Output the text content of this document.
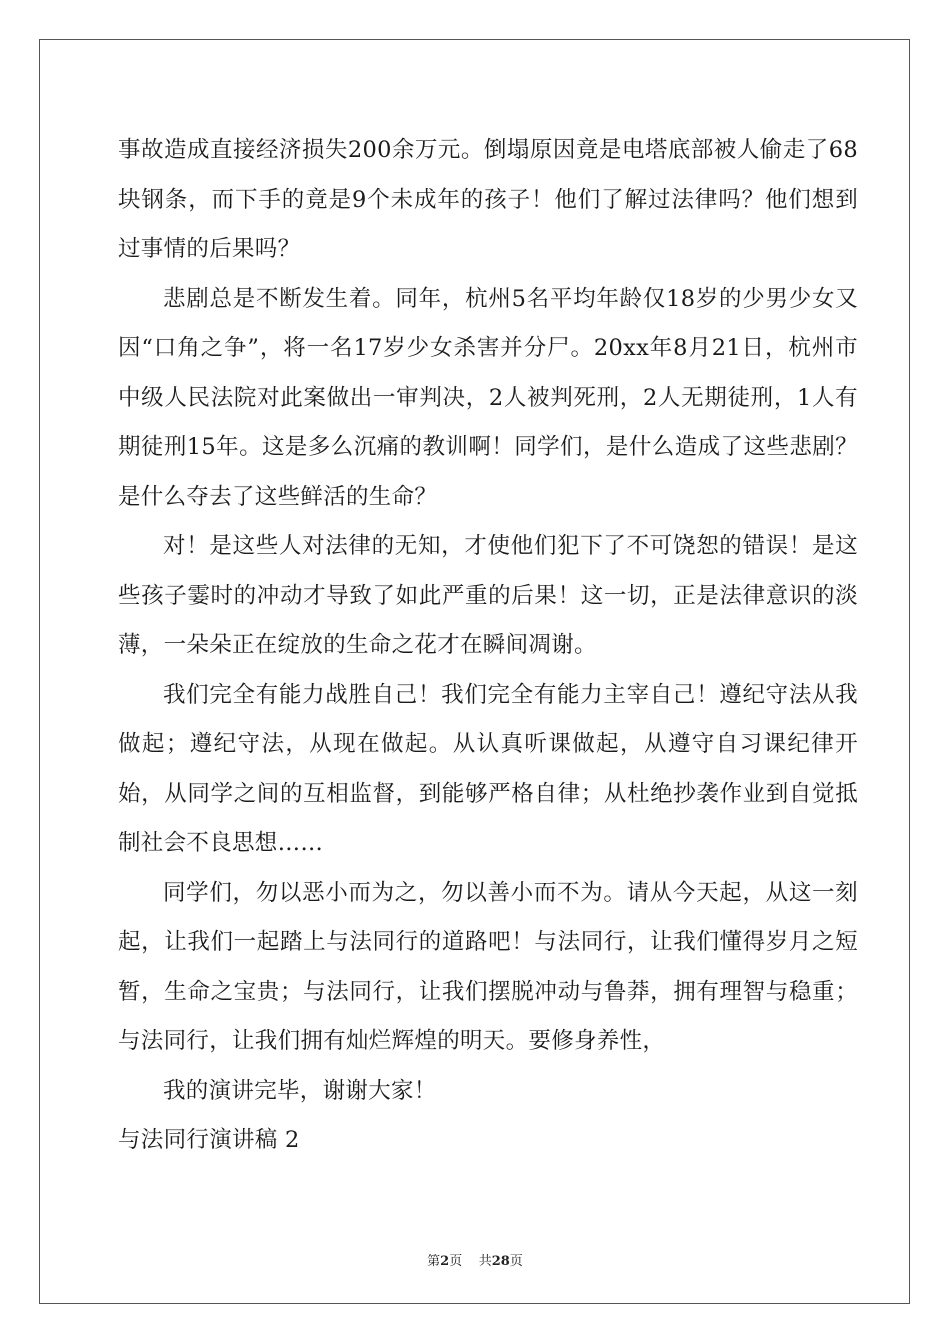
事故造成直接经济损失200余万元。倒塌原因竟是电塔底部被人偷走了68块钢条，而下手的竟是9个未成年的孩子！他们了解过法律吗？他们想到过事情的后果吗？

悲剧总是不断发生着。同年，杭州5名平均年龄仅18岁的少男少女又因“口角之争”，将一名17岁少女杀害并分尸。20xx年8月21日，杭州市中级人民法院对此案做出一审判决，2人被判死刑，2人无期徒刑，1人有期徒刑15年。这是多么沉痛的教训啊！同学们，是什么造成了这些悲剧？是什么夺去了这些鲜活的生命？

对！是这些人对法律的无知，才使他们犯下了不可饶恕的错误！是这些孩子霎时的冲动才导致了如此严重的后果！这一切，正是法律意识的淡薄，一朵朵正在绽放的生命之花才在瞬间凋谢。

我们完全有能力战胜自己！我们完全有能力主宰自己！遵纪守法从我做起；遵纪守法，从现在做起。从认真听课做起，从遵守自习课纪律开始，从同学之间的互相监督，到能够严格自律；从杜绝抄袭作业到自觉抵制社会不良思想……

同学们，勿以恶小而为之，勿以善小而不为。请从今天起，从这一刻起，让我们一起踏上与法同行的道路吧！与法同行，让我们懂得岁月之短暂，生命之宝贵；与法同行，让我们摆脱冲动与鲁莽，拥有理智与稳重；与法同行，让我们拥有灿烂辉煌的明天。要修身养性，

我的演讲完毕，谢谢大家！

与法同行演讲稿 2

第2页 共28页
